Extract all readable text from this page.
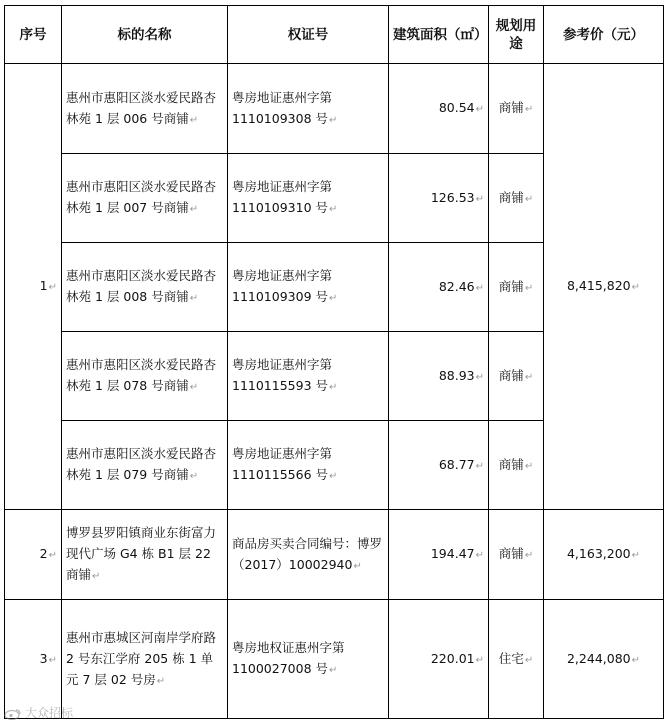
序号	标的名称	权证号	建筑面积（㎡）	规划用途	参考价（元）
1↵	惠州市惠阳区淡水爱民路杏林苑 1 层 006 号商铺↵	粤房地证惠州字第 1110109308 号↵	80.54↵	商铺↵	8,415,820↵
	惠州市惠阳区淡水爱民路杏林苑 1 层 007 号商铺↵	粤房地证惠州字第 1110109310 号↵	126.53↵	商铺↵	
	惠州市惠阳区淡水爱民路杏林苑 1 层 008 号商铺↵	粤房地证惠州字第 1110109309 号↵	82.46↵	商铺↵	
	惠州市惠阳区淡水爱民路杏林苑 1 层 078 号商铺↵	粤房地证惠州字第 1110115593 号↵	88.93↵	商铺↵	
	惠州市惠阳区淡水爱民路杏林苑 1 层 079 号商铺↵	粤房地证惠州字第 1110115566 号↵	68.77↵	商铺↵	
2↵	博罗县罗阳镇商业东街富力现代广场 G4 栋 B1 层 22 商铺↵	商品房买卖合同编号：博罗（2017）10002940↵	194.47↵	商铺↵	4,163,200↵
3↵	惠州市惠城区河南岸学府路 2 号东江学府 205 栋 1 单元 7 层 02 号房↵	粤房地权证惠州字第 1100027008 号↵	220.01↵	住宅↵	2,244,080↵
大众招标
